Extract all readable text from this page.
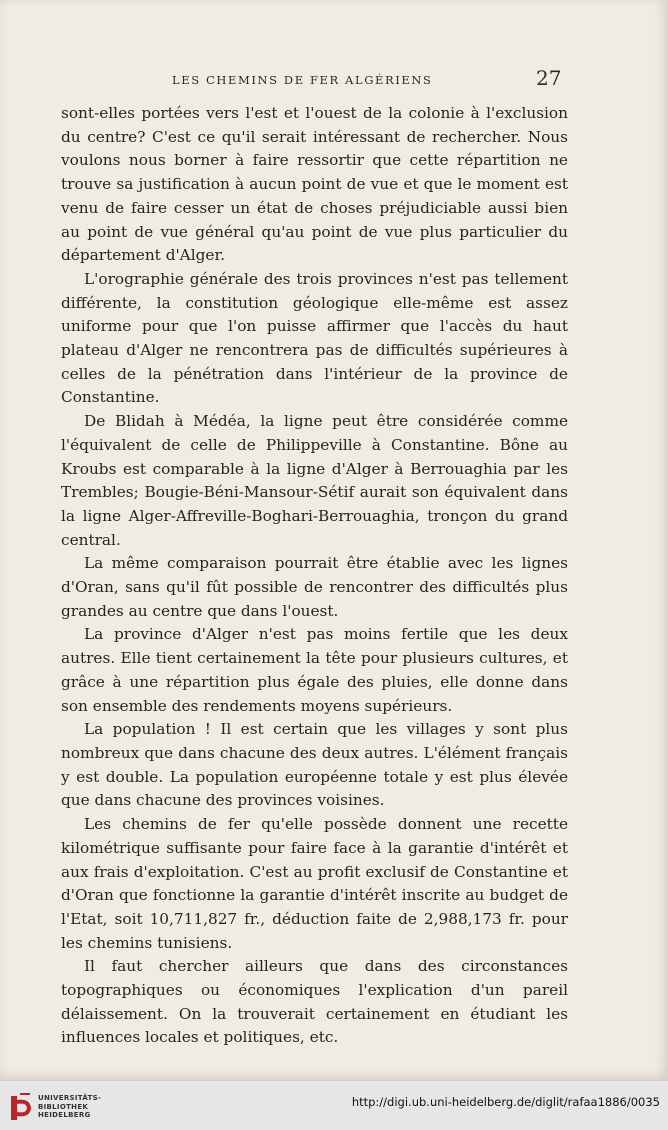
LES CHEMINS DE FER ALGÉRIENS	27

sont-elles portées vers l'est et l'ouest de la colonie à l'exclusion du centre? C'est ce qu'il serait intéressant de rechercher. Nous voulons nous borner à faire ressortir que cette répartition ne trouve sa justification à aucun point de vue et que le moment est venu de faire cesser un état de choses préjudiciable aussi bien au point de vue général qu'au point de vue plus particulier du département d'Alger.

L'orographie générale des trois provinces n'est pas tellement différente, la constitution géologique elle-même est assez uniforme pour que l'on puisse affirmer que l'accès du haut plateau d'Alger ne rencontrera pas de difficultés supérieures à celles de la pénétration dans l'intérieur de la province de Constantine.

De Blidah à Médéa, la ligne peut être considérée comme l'équivalent de celle de Philippeville à Constantine. Bône au Kroubs est comparable à la ligne d'Alger à Berrouaghia par les Trembles; Bougie-Béni-Mansour-Sétif aurait son équivalent dans la ligne Alger-Affreville-Boghari-Berrouaghia, tronçon du grand central.

La même comparaison pourrait être établie avec les lignes d'Oran, sans qu'il fût possible de rencontrer des difficultés plus grandes au centre que dans l'ouest.

La province d'Alger n'est pas moins fertile que les deux autres. Elle tient certainement la tête pour plusieurs cultures, et grâce à une répartition plus égale des pluies, elle donne dans son ensemble des rendements moyens supérieurs.

La population ! Il est certain que les villages y sont plus nombreux que dans chacune des deux autres. L'élément français y est double. La population européenne totale y est plus élevée que dans chacune des provinces voisines.

Les chemins de fer qu'elle possède donnent une recette kilométrique suffisante pour faire face à la garantie d'intérêt et aux frais d'exploitation. C'est au profit exclusif de Constantine et d'Oran que fonctionne la garantie d'intérêt inscrite au budget de l'Etat, soit 10,711,827 fr., déduction faite de 2,988,173 fr. pour les chemins tunisiens.

Il faut chercher ailleurs que dans des circonstances topographiques ou économiques l'explication d'un pareil délaissement. On la trouverait certainement en étudiant les influences locales et politiques, etc.

UNIVERSITÄTS-
BIBLIOTHEK
HEIDELBERG
http://digi.ub.uni-heidelberg.de/diglit/rafaa1886/0035
